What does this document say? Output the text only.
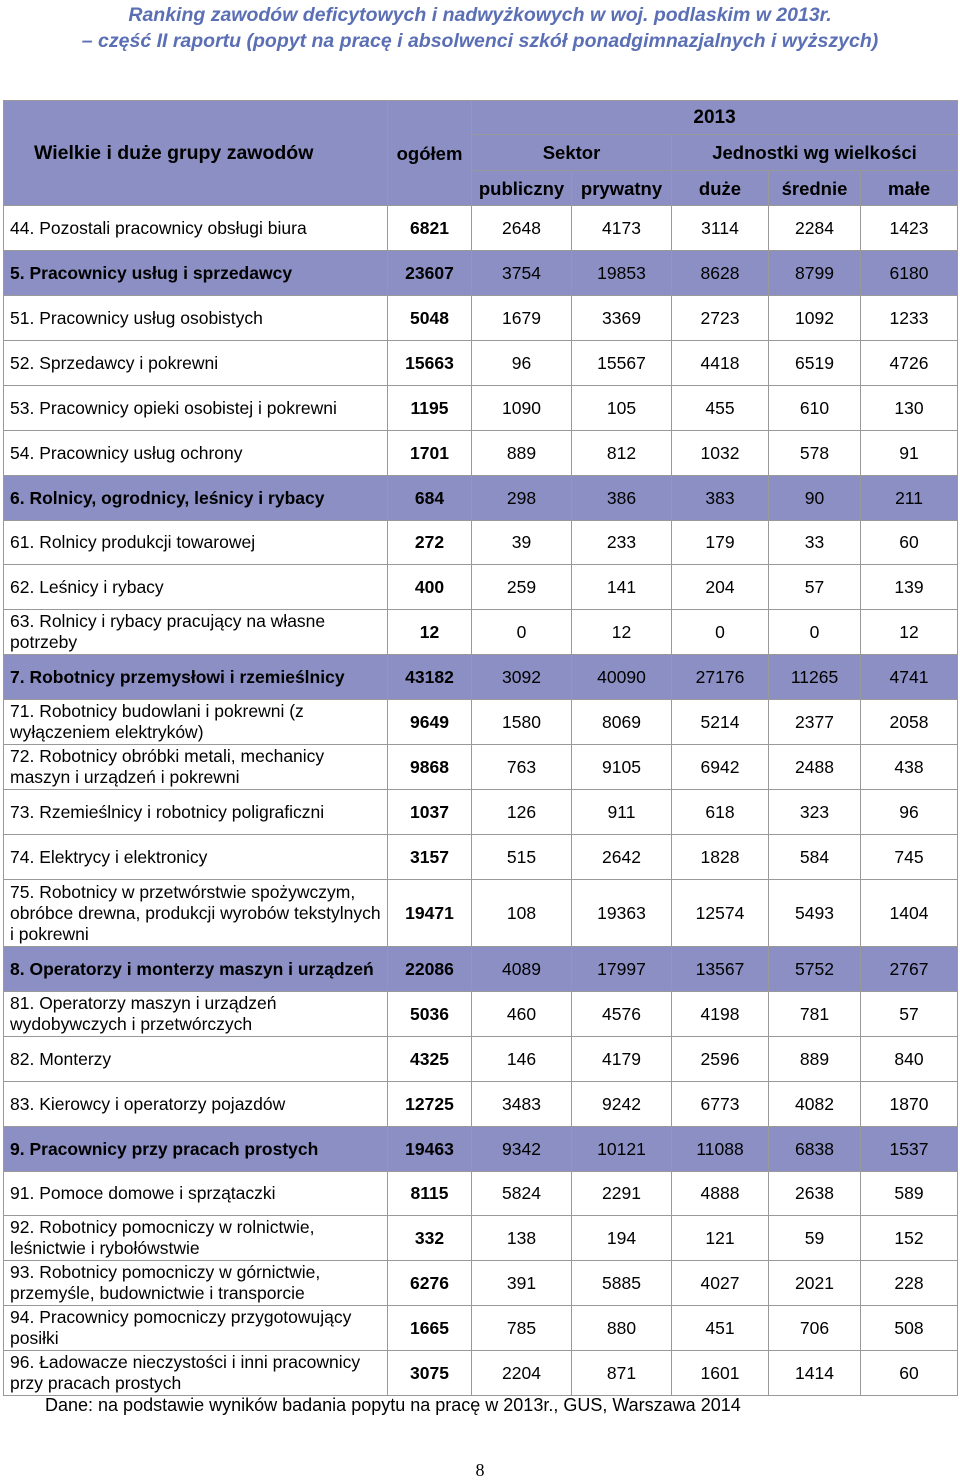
Ranking zawodów deficytowych i nadwyżkowych w woj. podlaskim w 2013r.
– część II raportu (popyt na pracę i absolwenci szkół ponadgimnazjalnych i wyższych)
Wielkie i duże grupy zawodów	ogółem	2013				
		Sektor		Jednostki wg wielkości		
		publiczny	prywatny	duże	średnie	małe
44. Pozostali pracownicy obsługi biura	6821	2648	4173	3114	2284	1423
5. Pracownicy usług i sprzedawcy	23607	3754	19853	8628	8799	6180
51. Pracownicy usług osobistych	5048	1679	3369	2723	1092	1233
52. Sprzedawcy i pokrewni	15663	96	15567	4418	6519	4726
53. Pracownicy opieki osobistej i pokrewni	1195	1090	105	455	610	130
54. Pracownicy usług ochrony	1701	889	812	1032	578	91
6. Rolnicy, ogrodnicy, leśnicy i rybacy	684	298	386	383	90	211
61. Rolnicy produkcji towarowej	272	39	233	179	33	60
62. Leśnicy i rybacy	400	259	141	204	57	139
63. Rolnicy i rybacy pracujący na własne potrzeby	12	0	12	0	0	12
7. Robotnicy przemysłowi i rzemieślnicy	43182	3092	40090	27176	11265	4741
71. Robotnicy budowlani i pokrewni (z wyłączeniem elektryków)	9649	1580	8069	5214	2377	2058
72. Robotnicy obróbki metali, mechanicy maszyn i urządzeń i pokrewni	9868	763	9105	6942	2488	438
73. Rzemieślnicy i robotnicy poligraficzni	1037	126	911	618	323	96
74. Elektrycy i elektronicy	3157	515	2642	1828	584	745
75. Robotnicy w przetwórstwie spożywczym, obróbce drewna, produkcji wyrobów tekstylnych i pokrewni	19471	108	19363	12574	5493	1404
8. Operatorzy i monterzy maszyn i urządzeń	22086	4089	17997	13567	5752	2767
81. Operatorzy maszyn i urządzeń wydobywczych i przetwórczych	5036	460	4576	4198	781	57
82. Monterzy	4325	146	4179	2596	889	840
83. Kierowcy i operatorzy pojazdów	12725	3483	9242	6773	4082	1870
9. Pracownicy przy pracach prostych	19463	9342	10121	11088	6838	1537
91. Pomoce domowe i sprzątaczki	8115	5824	2291	4888	2638	589
92. Robotnicy pomocniczy w rolnictwie, leśnictwie i rybołówstwie	332	138	194	121	59	152
93. Robotnicy pomocniczy w górnictwie, przemyśle, budownictwie i transporcie	6276	391	5885	4027	2021	228
94. Pracownicy pomocniczy przygotowujący posiłki	1665	785	880	451	706	508
96. Ładowacze nieczystości i inni pracownicy przy pracach prostych	3075	2204	871	1601	1414	60
Dane: na podstawie wyników badania popytu na pracę w 2013r., GUS, Warszawa 2014
8
